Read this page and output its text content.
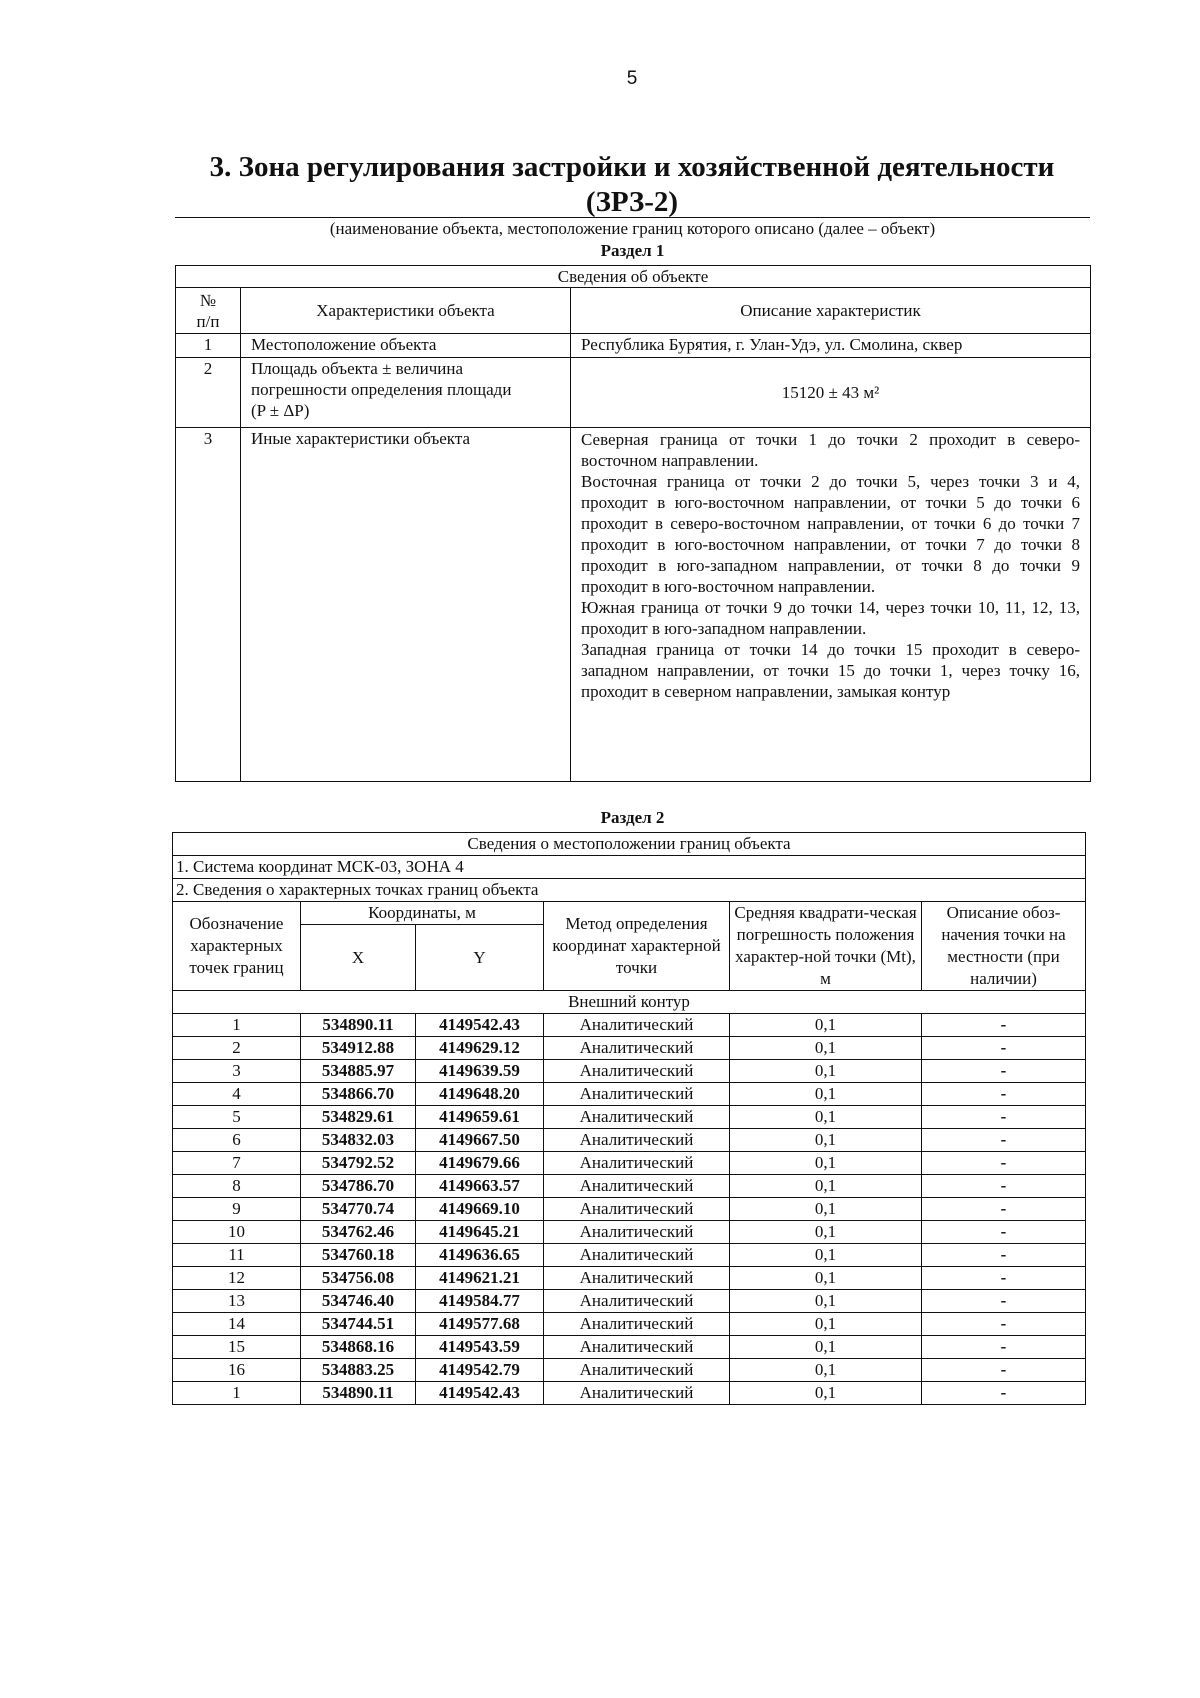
5
3. Зона регулирования застройки и хозяйственной деятельности
(ЗРЗ-2)
(наименование объекта, местоположение границ которого описано (далее – объект)
Раздел 1
Сведения об объекте		

№
п/п	Характеристики объекта	Описание характеристик
1	Местоположение объекта	Республика Бурятия, г. Улан-Удэ, ул. Смолина, сквер
2	Площадь объекта ± величина
погрешности определения площади
(P ± ΔP)	15120 ± 43 м²
3	Иные характеристики объекта	Северная граница от точки 1 до точки 2 проходит в северо-восточном направлении.
Восточная граница от точки 2 до точки 5, через точки 3 и 4, проходит в юго-восточном направлении, от точки 5 до точки 6 проходит в северо-восточном направлении, от точки 6 до точки 7 проходит в юго-восточном направлении, от точки 7 до точки 8 проходит в юго-западном направлении, от точки 8 до точки 9 проходит в юго-восточном направлении.
Южная граница от точки 9 до точки 14, через точки 10, 11, 12, 13, проходит в юго-западном направлении.
Западная граница от точки 14 до точки 15 проходит в северо-западном направлении, от точки 15 до точки 1, через точку 16, проходит в северном направлении, замыкая контур
Раздел 2
Сведения о местоположении границ объекта					
1. Система координат МСК-03, ЗОНА 4					
2. Сведения о характерных точках границ объекта					
Обозначение характерных точек границ	Координаты, м		Метод определения координат характерной точки	Средняя квадрати-ческая погрешность положения характер-ной точки (Mt), м	Описание обоз-начения точки на местности (при наличии)
	X	Y			
Внешний контур					
1	534890.11	4149542.43	Аналитический	0,1	-
2	534912.88	4149629.12	Аналитический	0,1	-
3	534885.97	4149639.59	Аналитический	0,1	-
4	534866.70	4149648.20	Аналитический	0,1	-
5	534829.61	4149659.61	Аналитический	0,1	-
6	534832.03	4149667.50	Аналитический	0,1	-
7	534792.52	4149679.66	Аналитический	0,1	-
8	534786.70	4149663.57	Аналитический	0,1	-
9	534770.74	4149669.10	Аналитический	0,1	-
10	534762.46	4149645.21	Аналитический	0,1	-
11	534760.18	4149636.65	Аналитический	0,1	-
12	534756.08	4149621.21	Аналитический	0,1	-
13	534746.40	4149584.77	Аналитический	0,1	-
14	534744.51	4149577.68	Аналитический	0,1	-
15	534868.16	4149543.59	Аналитический	0,1	-
16	534883.25	4149542.79	Аналитический	0,1	-
1	534890.11	4149542.43	Аналитический	0,1	-
